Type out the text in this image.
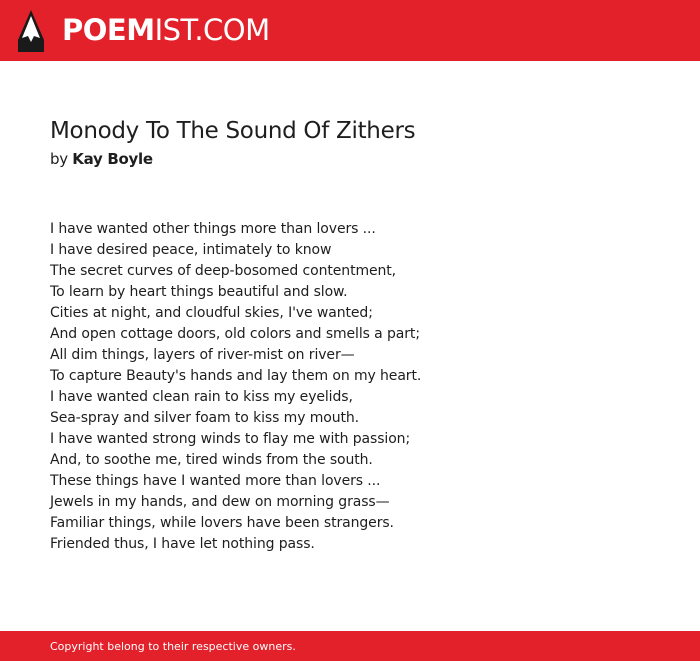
POEMIST.COM
Monody To The Sound Of Zithers
by Kay Boyle
I have wanted other things more than lovers ...
I have desired peace, intimately to know
The secret curves of deep-bosomed contentment,
To learn by heart things beautiful and slow.
Cities at night, and cloudful skies, I've wanted;
And open cottage doors, old colors and smells a part;
All dim things, layers of river-mist on river—
To capture Beauty's hands and lay them on my heart.
I have wanted clean rain to kiss my eyelids,
Sea-spray and silver foam to kiss my mouth.
I have wanted strong winds to flay me with passion;
And, to soothe me, tired winds from the south.
These things have I wanted more than lovers ...
Jewels in my hands, and dew on morning grass—
Familiar things, while lovers have been strangers.
Friended thus, I have let nothing pass.
Copyright belong to their respective owners.
